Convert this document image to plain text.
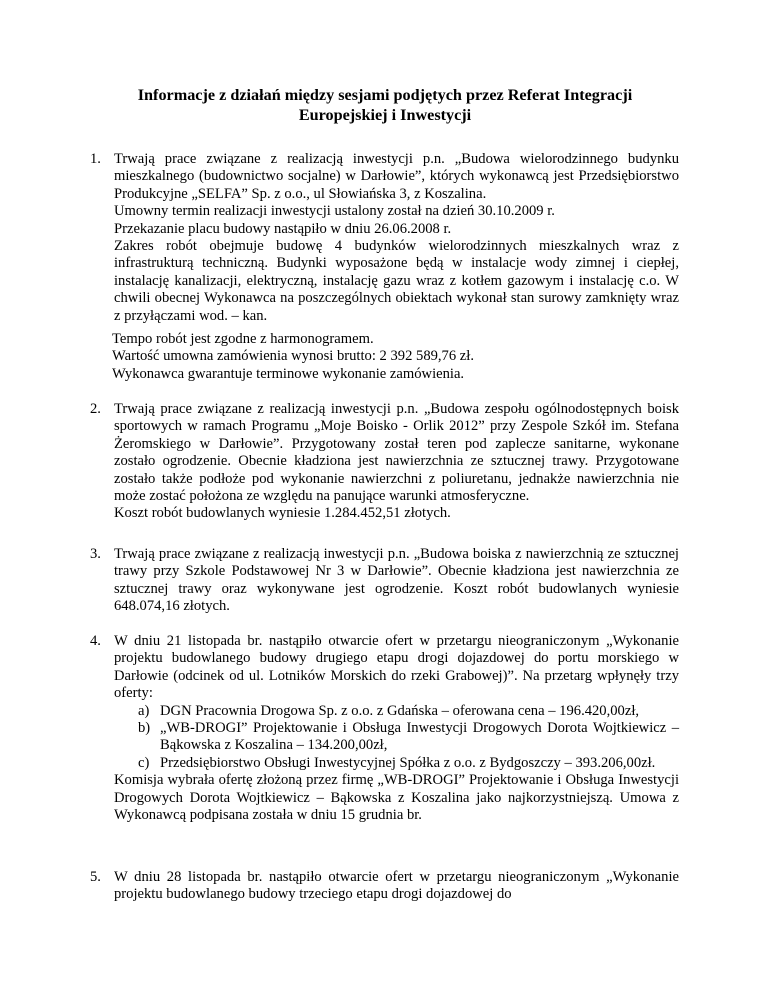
Informacje z działań między sesjami podjętych przez Referat Integracji
Europejskiej i Inwestycji
1. Trwają prace związane z realizacją inwestycji p.n. „Budowa wielorodzinnego budynku mieszkalnego (budownictwo socjalne) w Darłowie”, których wykonawcą jest Przedsiębiorstwo Produkcyjne „SELFA” Sp. z o.o., ul Słowiańska 3, z Koszalina.

Umowny termin realizacji inwestycji ustalony został na dzień 30.10.2009 r.

Przekazanie placu budowy nastąpiło w dniu 26.06.2008 r.

Zakres robót obejmuje budowę 4 budynków wielorodzinnych mieszkalnych wraz z infrastrukturą techniczną. Budynki wyposażone będą w instalacje wody zimnej i ciepłej, instalację kanalizacji, elektryczną, instalację gazu wraz z kotłem gazowym i instalację c.o. W chwili obecnej Wykonawca na poszczególnych obiektach wykonał stan surowy zamknięty wraz z przyłączami wod. – kan.

Tempo robót jest zgodne z harmonogramem.
Wartość umowna zamówienia wynosi brutto: 2 392 589,76 zł.
Wykonawca gwarantuje terminowe wykonanie zamówienia.
2. Trwają prace związane z realizacją inwestycji p.n. „Budowa zespołu ogólnodostępnych boisk sportowych w ramach Programu „Moje Boisko - Orlik 2012” przy Zespole Szkół im. Stefana Żeromskiego w Darłowie”. Przygotowany został teren pod zaplecze sanitarne, wykonane zostało ogrodzenie. Obecnie kładziona jest nawierzchnia ze sztucznej trawy. Przygotowane zostało także podłoże pod wykonanie nawierzchni z poliuretanu, jednakże nawierzchnia nie może zostać położona ze względu na panujące warunki atmosferyczne.

Koszt robót budowlanych wyniesie 1.284.452,51 złotych.

3. Trwają prace związane z realizacją inwestycji p.n. „Budowa boiska z nawierzchnią ze sztucznej trawy przy Szkole Podstawowej Nr 3 w Darłowie”. Obecnie kładziona jest nawierzchnia ze sztucznej trawy oraz wykonywane jest ogrodzenie. Koszt robót budowlanych wyniesie 648.074,16 złotych.

4. W dniu 21 listopada br. nastąpiło otwarcie ofert w przetargu nieograniczonym „Wykonanie projektu budowlanego budowy drugiego etapu drogi dojazdowej do portu morskiego w Darłowie (odcinek od ul. Lotników Morskich do rzeki Grabowej)”. Na przetarg wpłynęły trzy oferty:

a) DGN Pracownia Drogowa Sp. z o.o. z Gdańska – oferowana cena – 196.420,00zł,
b) „WB-DROGI” Projektowanie i Obsługa Inwestycji Drogowych Dorota Wojtkiewicz – Bąkowska z Koszalina – 134.200,00zł,
c) Przedsiębiorstwo Obsługi Inwestycyjnej Spółka z o.o. z Bydgoszczy – 393.206,00zł.

Komisja wybrała ofertę złożoną przez firmę „WB-DROGI” Projektowanie i Obsługa Inwestycji Drogowych Dorota Wojtkiewicz – Bąkowska z Koszalina jako najkorzystniejszą. Umowa z Wykonawcą podpisana została w dniu 15 grudnia br.

5. W dniu 28 listopada br. nastąpiło otwarcie ofert w przetargu nieograniczonym „Wykonanie projektu budowlanego budowy trzeciego etapu drogi dojazdowej do
